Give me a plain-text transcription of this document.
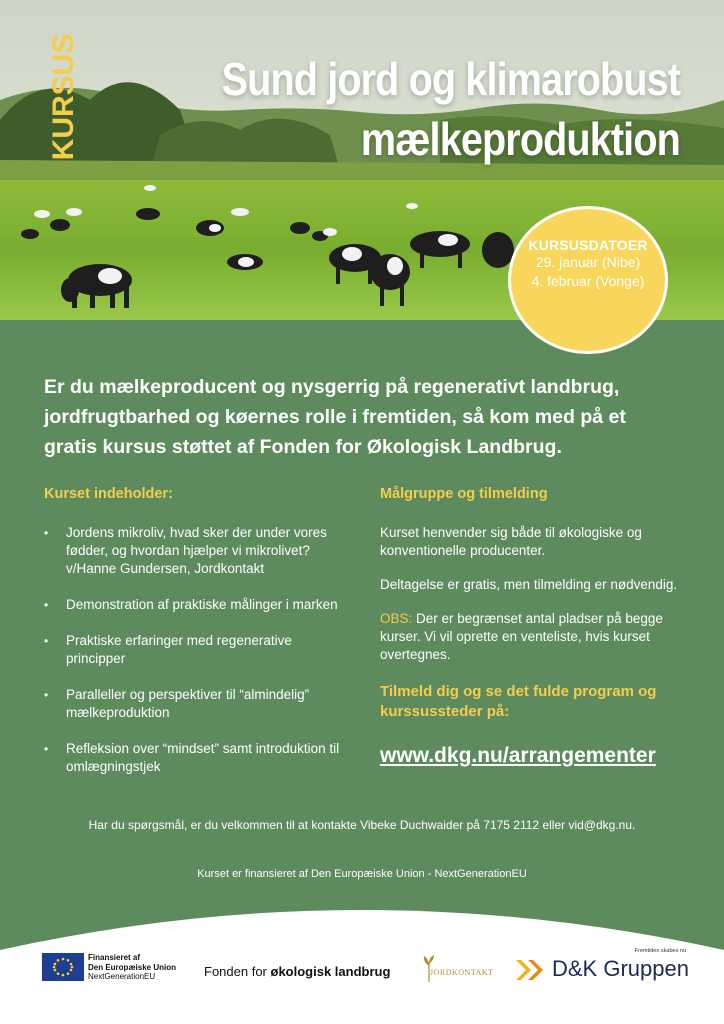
KURSUS	Sund jord og klimarobust
mælkeproduktion
KURSUSDATOER
29. januar (Nibe)
4. februar (Vonge)
Er du mælkeproducent og nysgerrig på regenerativt landbrug, jordfrugtbarhed og køernes rolle i fremtiden, så kom med på et gratis kursus støttet af Fonden for Økologisk Landbrug.
Kurset indeholder:
• Jordens mikroliv, hvad sker der under vores fødder, og hvordan hjælper vi mikrolivet? v/Hanne Gundersen, Jordkontakt
• Demonstration af praktiske målinger i marken
• Praktiske erfaringer med regenerative principper
• Paralleller og perspektiver til “almindelig” mælkeproduktion
• Refleksion over “mindset” samt introduktion til omlægningstjek
Målgruppe og tilmelding

Kurset henvender sig både til økologiske og konventionelle producenter.

Deltagelse er gratis, men tilmelding er nødvendig.

OBS: Der er begrænset antal pladser på begge kurser. Vi vil oprette en venteliste, hvis kurset overtegnes.

Tilmeld dig og se det fulde program og kurssussteder på:
www.dkg.nu/arrangementer
Har du spørgsmål, er du velkommen til at kontakte Vibeke Duchwaider på 7175 2112 eller vid@dkg.nu.
Kurset er finansieret af Den Europæiske Union - NextGenerationEU
Finansieret af
Den Europæiske Union
NextGenerationEU	Fonden for økologisk landbrug	JORDKONTAKT
Fremtiden skabes nu
D&K Gruppen
